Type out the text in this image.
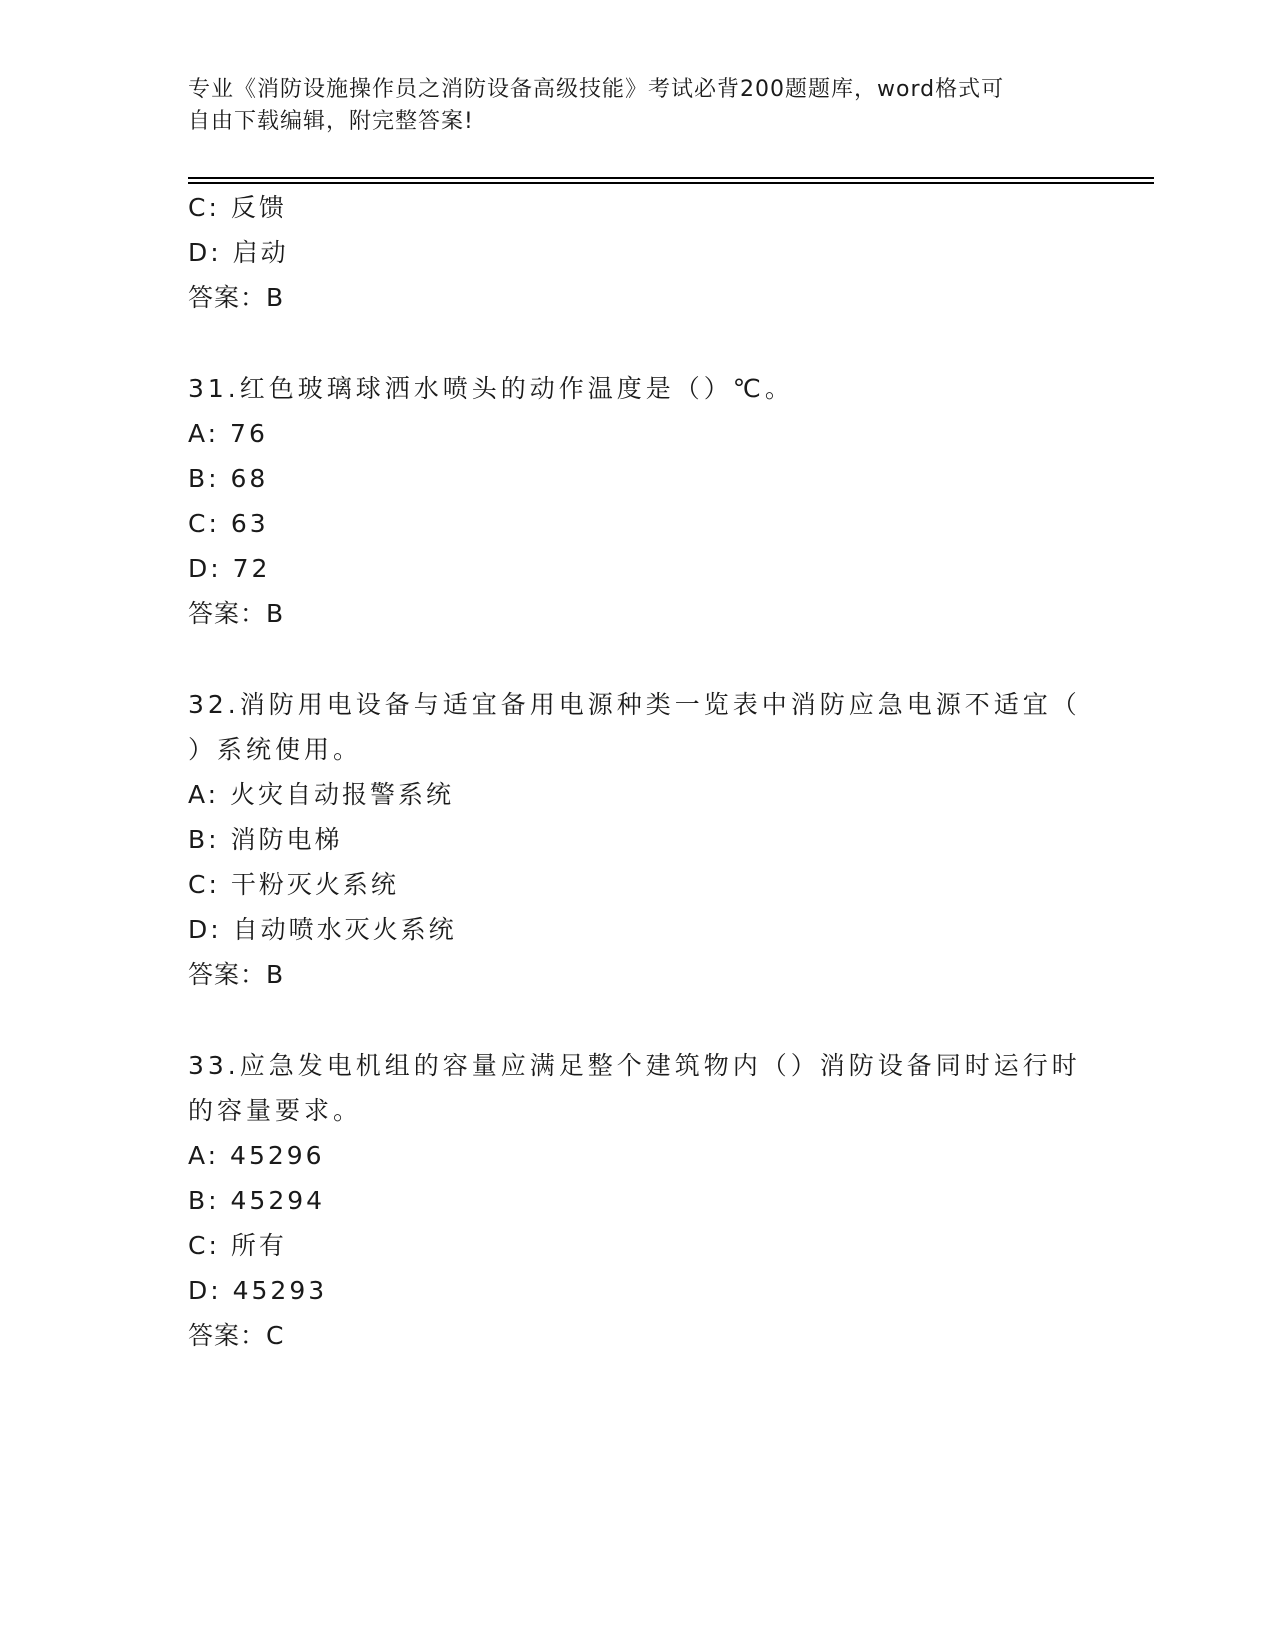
专业《消防设施操作员之消防设备高级技能》考试必背200题题库，word格式可
自由下载编辑，附完整答案!
C: 反馈
D: 启动
答案：B
31.红色玻璃球洒水喷头的动作温度是（）℃。
A: 76
B: 68
C: 63
D: 72
答案：B
32.消防用电设备与适宜备用电源种类一览表中消防应急电源不适宜（
）系统使用。
A: 火灾自动报警系统
B: 消防电梯
C: 干粉灭火系统
D: 自动喷水灭火系统
答案：B
33.应急发电机组的容量应满足整个建筑物内（）消防设备同时运行时
的容量要求。
A: 45296
B: 45294
C: 所有
D: 45293
答案：C
